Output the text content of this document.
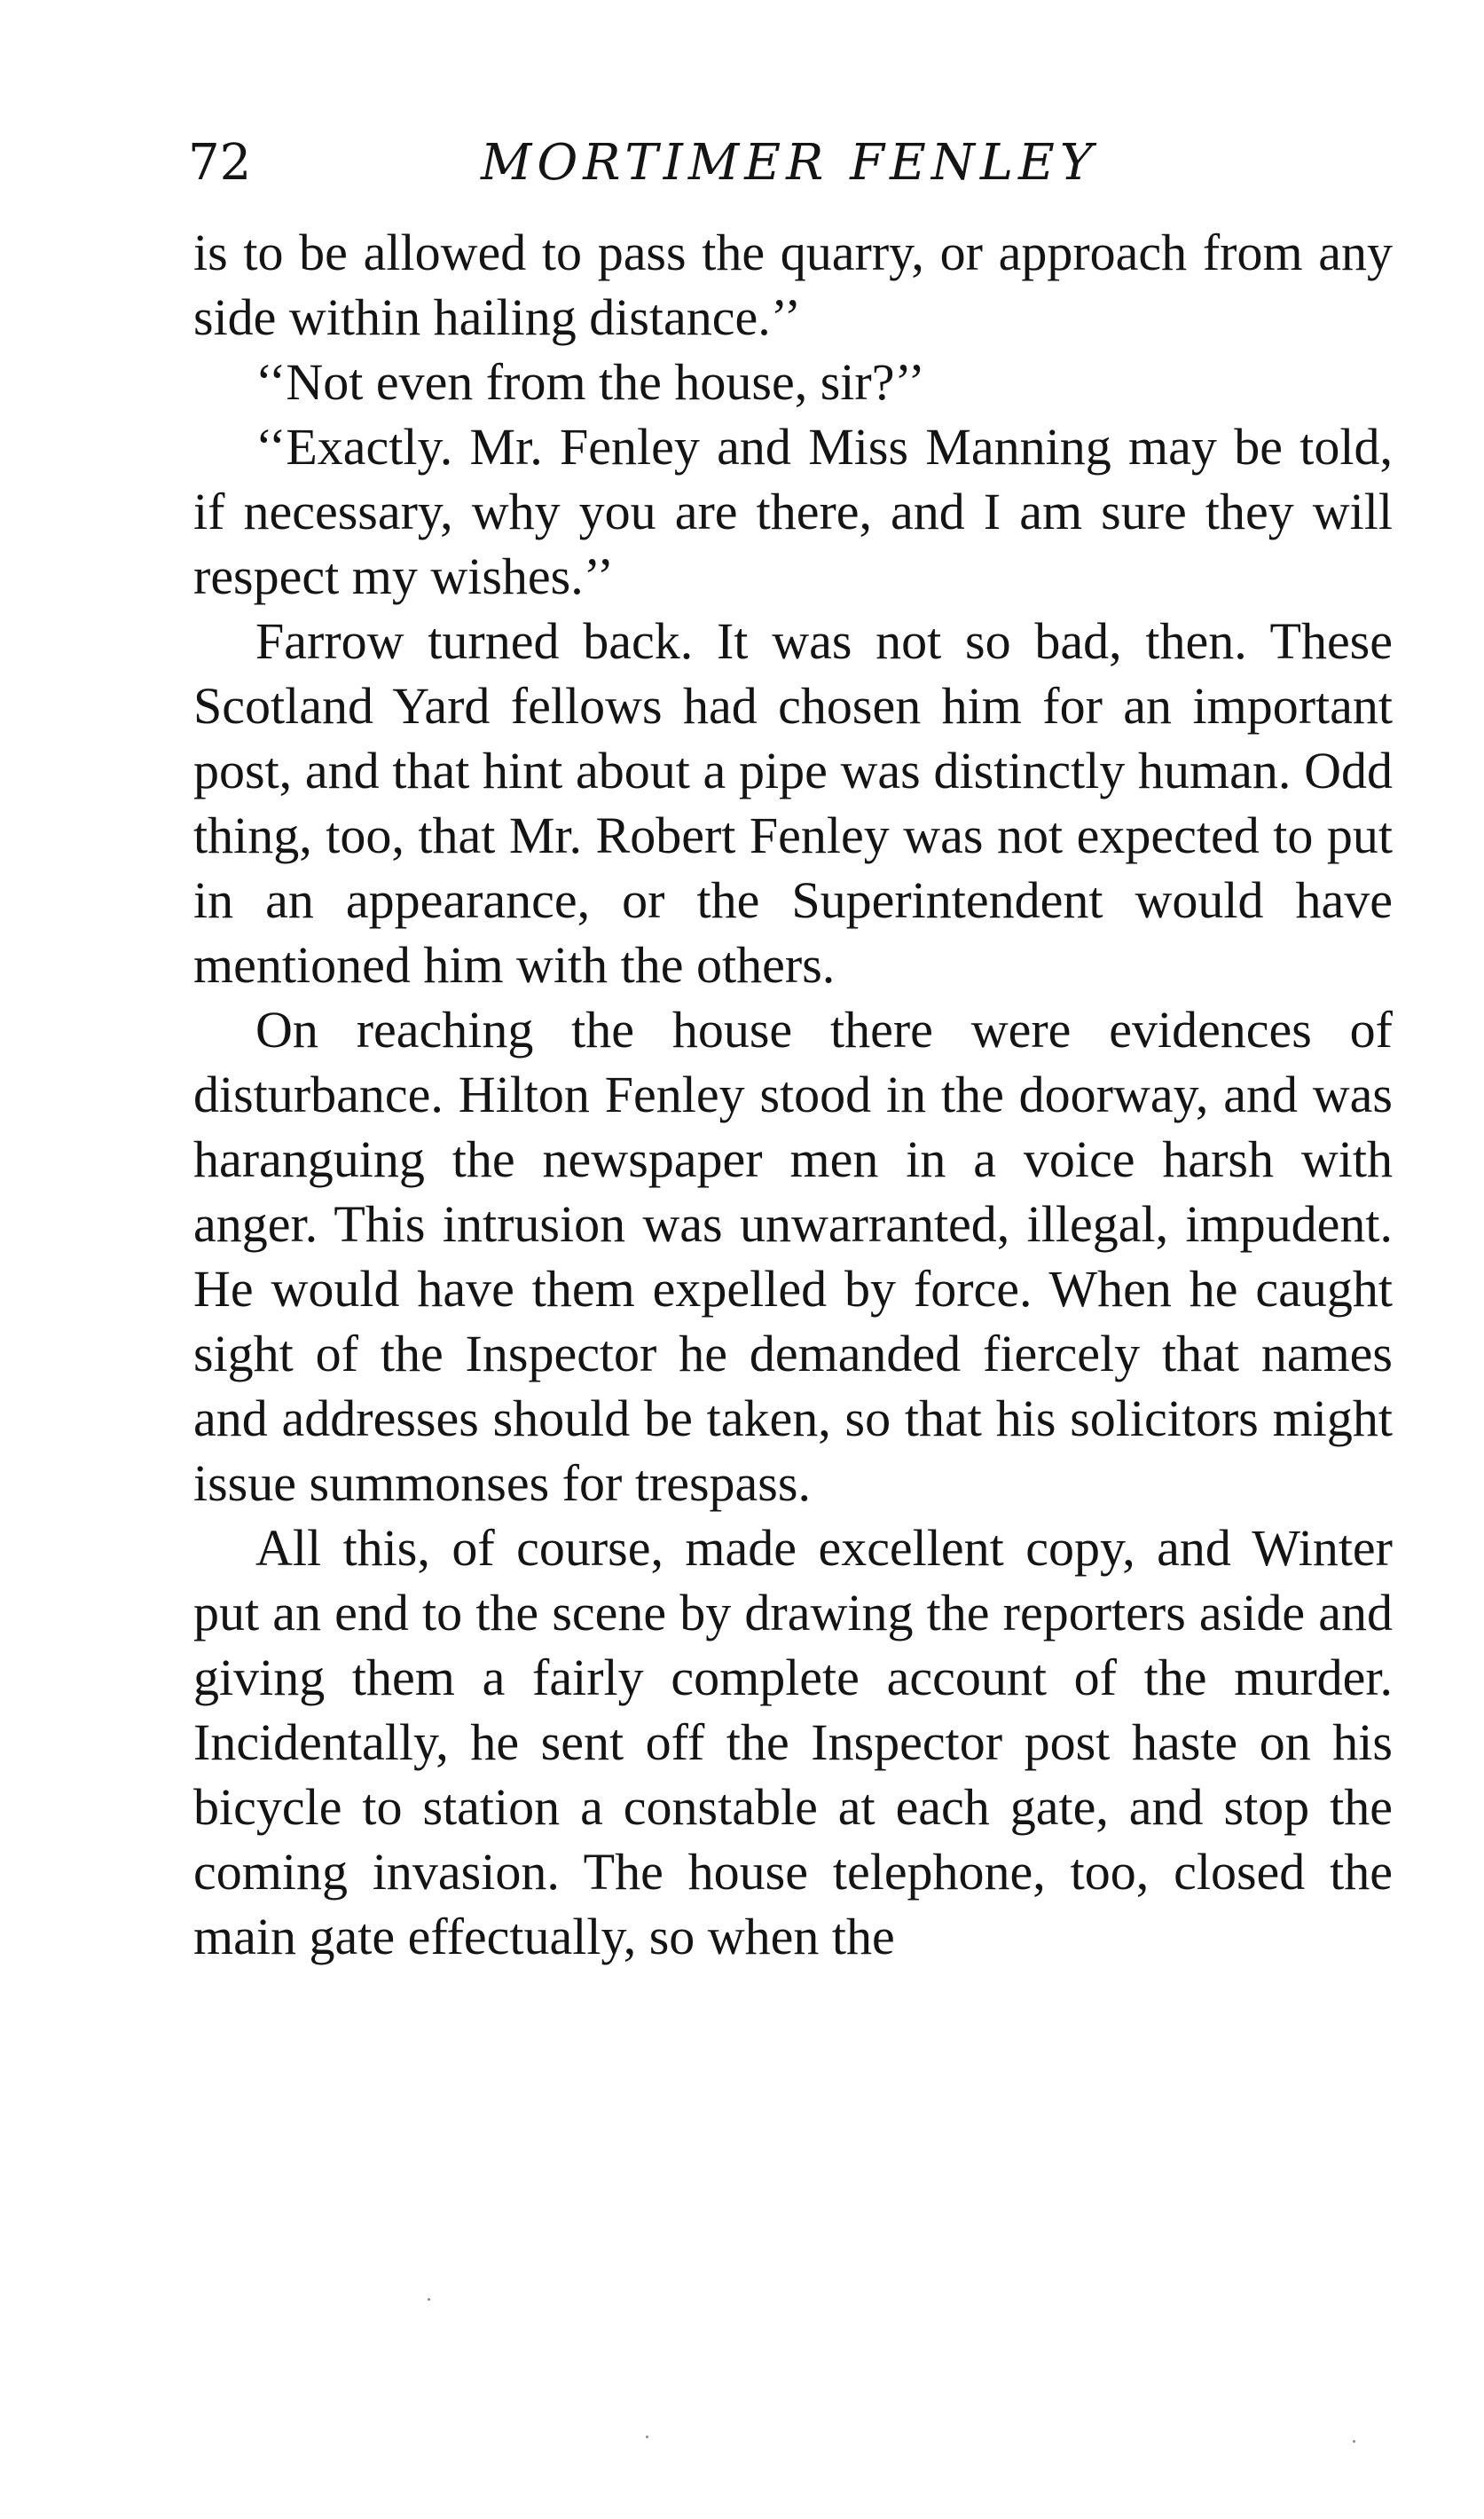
72	MORTIMER FENLEY

is to be allowed to pass the quarry, or approach from any side within hailing distance.’’

‘‘Not even from the house, sir?’’

‘‘Exactly. Mr. Fenley and Miss Manning may be told, if necessary, why you are there, and I am sure they will respect my wishes.’’

Farrow turned back. It was not so bad, then. These Scotland Yard fellows had chosen him for an important post, and that hint about a pipe was distinctly human. Odd thing, too, that Mr. Robert Fenley was not expected to put in an appearance, or the Superintendent would have mentioned him with the others.

On reaching the house there were evidences of disturbance. Hilton Fenley stood in the doorway, and was haranguing the newspaper men in a voice harsh with anger. This intrusion was unwarranted, illegal, impudent. He would have them expelled by force. When he caught sight of the Inspector he demanded fiercely that names and addresses should be taken, so that his solicitors might issue summonses for trespass.

All this, of course, made excellent copy, and Winter put an end to the scene by drawing the reporters aside and giving them a fairly complete account of the murder. Incidentally, he sent off the Inspector post haste on his bicycle to station a constable at each gate, and stop the coming invasion. The house telephone, too, closed the main gate effectually, so when the
